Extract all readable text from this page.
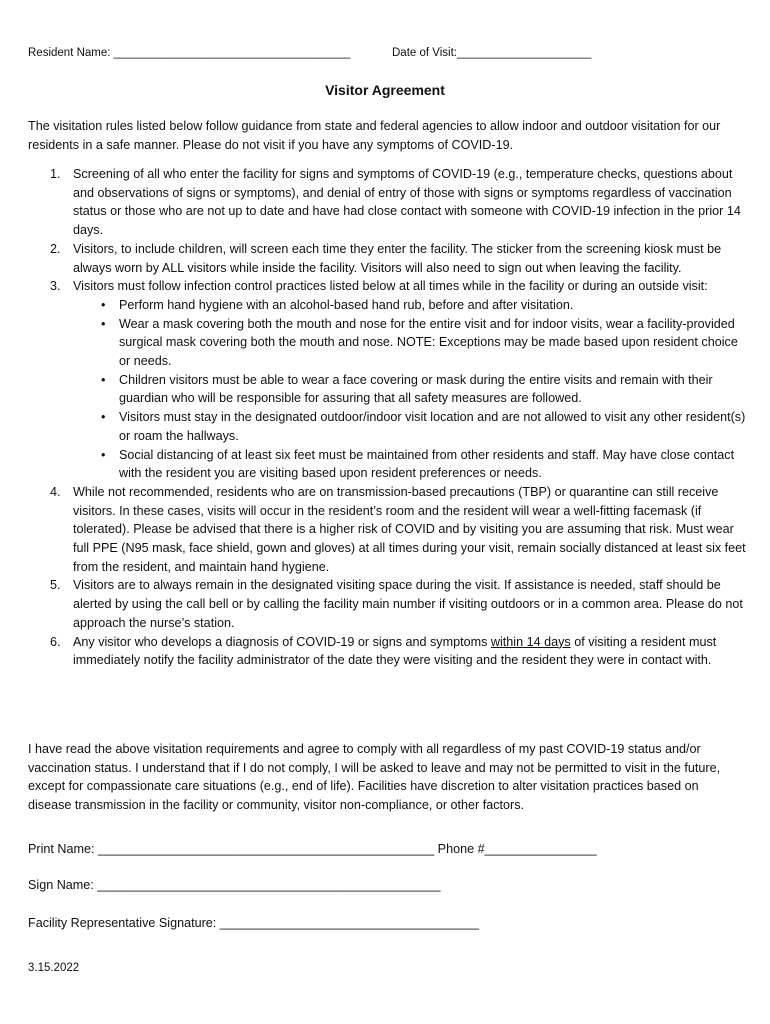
Resident Name: _____________________________________	Date of Visit:_____________________
Visitor Agreement
The visitation rules listed below follow guidance from state and federal agencies to allow indoor and outdoor visitation for our residents in a safe manner. Please do not visit if you have any symptoms of COVID-19.
1. Screening of all who enter the facility for signs and symptoms of COVID-19 (e.g., temperature checks, questions about and observations of signs or symptoms), and denial of entry of those with signs or symptoms regardless of vaccination status or those who are not up to date and have had close contact with someone with COVID-19 infection in the prior 14 days.
2. Visitors, to include children, will screen each time they enter the facility. The sticker from the screening kiosk must be always worn by ALL visitors while inside the facility. Visitors will also need to sign out when leaving the facility.
3. Visitors must follow infection control practices listed below at all times while in the facility or during an outside visit:
• Perform hand hygiene with an alcohol-based hand rub, before and after visitation.
• Wear a mask covering both the mouth and nose for the entire visit and for indoor visits, wear a facility-provided surgical mask covering both the mouth and nose. NOTE: Exceptions may be made based upon resident choice or needs.
• Children visitors must be able to wear a face covering or mask during the entire visits and remain with their guardian who will be responsible for assuring that all safety measures are followed.
• Visitors must stay in the designated outdoor/indoor visit location and are not allowed to visit any other resident(s) or roam the hallways.
• Social distancing of at least six feet must be maintained from other residents and staff. May have close contact with the resident you are visiting based upon resident preferences or needs.
4. While not recommended, residents who are on transmission-based precautions (TBP) or quarantine can still receive visitors. In these cases, visits will occur in the resident’s room and the resident will wear a well-fitting facemask (if tolerated). Please be advised that there is a higher risk of COVID and by visiting you are assuming that risk. Must wear full PPE (N95 mask, face shield, gown and gloves) at all times during your visit, remain socially distanced at least six feet from the resident, and maintain hand hygiene.
5. Visitors are to always remain in the designated visiting space during the visit. If assistance is needed, staff should be alerted by using the call bell or by calling the facility main number if visiting outdoors or in a common area. Please do not approach the nurse’s station.
6. Any visitor who develops a diagnosis of COVID-19 or signs and symptoms within 14 days of visiting a resident must immediately notify the facility administrator of the date they were visiting and the resident they were in contact with.
I have read the above visitation requirements and agree to comply with all regardless of my past COVID-19 status and/or vaccination status. I understand that if I do not comply, I will be asked to leave and may not be permitted to visit in the future, except for compassionate care situations (e.g., end of life). Facilities have discretion to alter visitation practices based on disease transmission in the facility or community, visitor non-compliance, or other factors.
Print Name: ________________________________________________ Phone #________________
Sign Name: _________________________________________________
Facility Representative Signature: _____________________________________
3.15.2022
